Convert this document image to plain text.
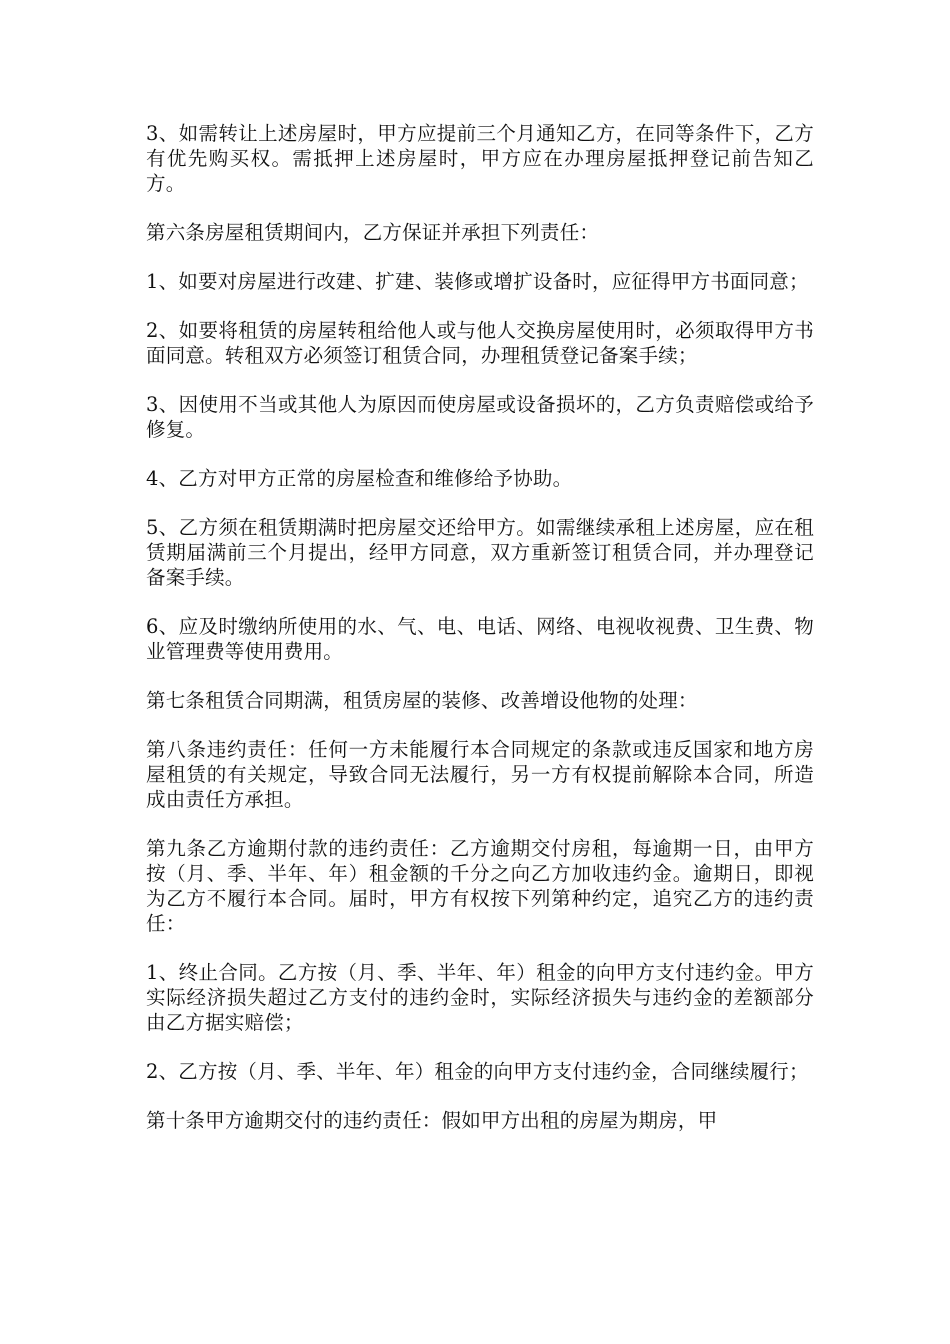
3、如需转让上述房屋时，甲方应提前三个月通知乙方，在同等条件下，乙方有优先购买权。需抵押上述房屋时，甲方应在办理房屋抵押登记前告知乙方。

第六条房屋租赁期间内，乙方保证并承担下列责任：

1、如要对房屋进行改建、扩建、装修或增扩设备时，应征得甲方书面同意；

2、如要将租赁的房屋转租给他人或与他人交换房屋使用时，必须取得甲方书面同意。转租双方必须签订租赁合同，办理租赁登记备案手续；

3、因使用不当或其他人为原因而使房屋或设备损坏的，乙方负责赔偿或给予修复。

4、乙方对甲方正常的房屋检查和维修给予协助。

5、乙方须在租赁期满时把房屋交还给甲方。如需继续承租上述房屋，应在租赁期届满前三个月提出，经甲方同意，双方重新签订租赁合同，并办理登记备案手续。

6、应及时缴纳所使用的水、气、电、电话、网络、电视收视费、卫生费、物业管理费等使用费用。

第七条租赁合同期满，租赁房屋的装修、改善增设他物的处理：

第八条违约责任：任何一方未能履行本合同规定的条款或违反国家和地方房屋租赁的有关规定，导致合同无法履行，另一方有权提前解除本合同，所造成由责任方承担。

第九条乙方逾期付款的违约责任：乙方逾期交付房租，每逾期一日，由甲方按（月、季、半年、年）租金额的千分之向乙方加收违约金。逾期日，即视为乙方不履行本合同。届时，甲方有权按下列第种约定，追究乙方的违约责任：

1、终止合同。乙方按（月、季、半年、年）租金的向甲方支付违约金。甲方实际经济损失超过乙方支付的违约金时，实际经济损失与违约金的差额部分由乙方据实赔偿；

2、乙方按（月、季、半年、年）租金的向甲方支付违约金，合同继续履行；

第十条甲方逾期交付的违约责任：假如甲方出租的房屋为期房，甲
